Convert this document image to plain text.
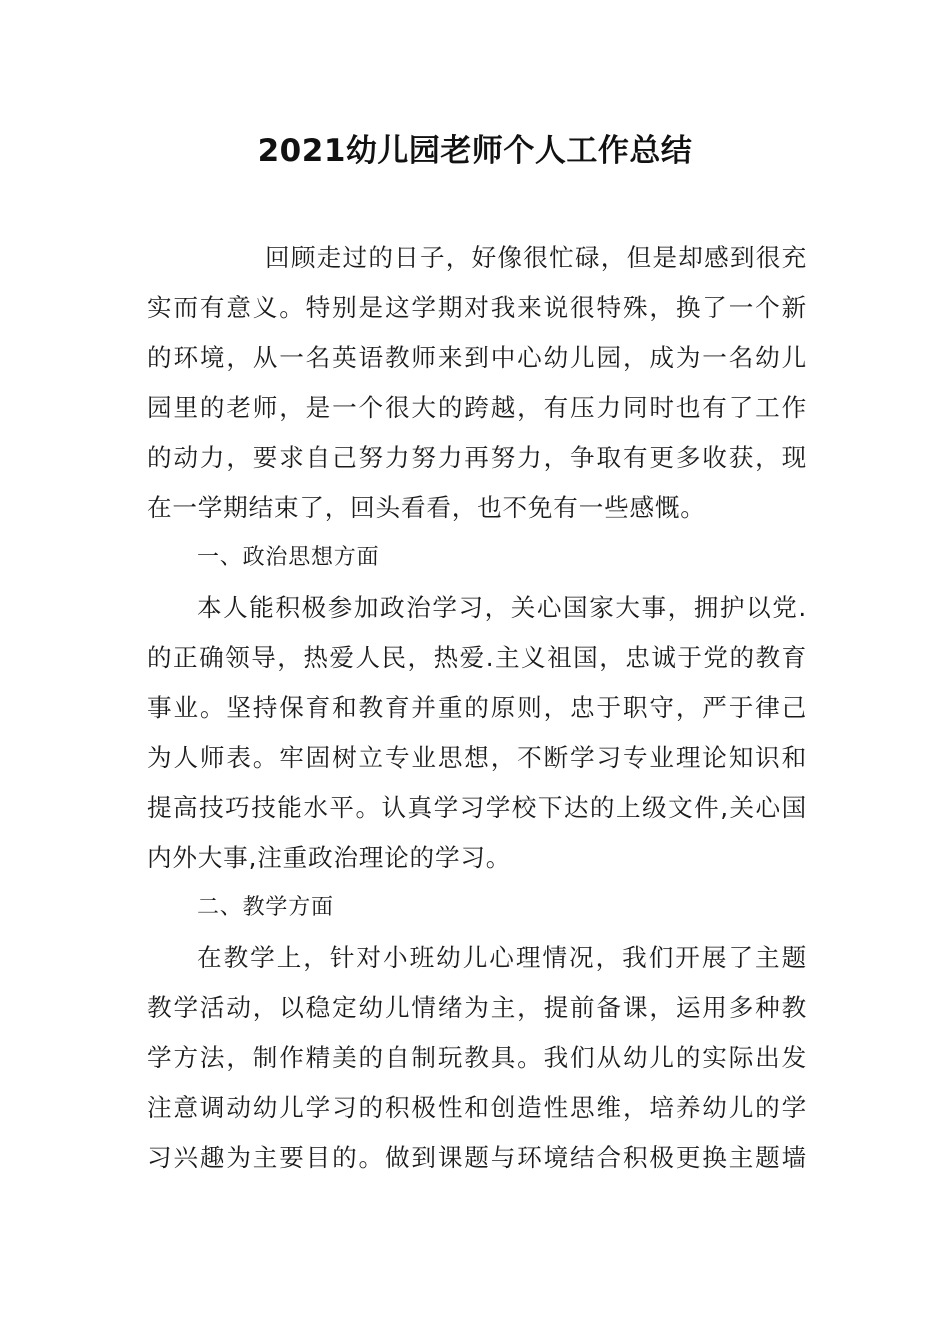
2021幼儿园老师个人工作总结
回顾走过的日子，好像很忙碌，但是却感到很充
实而有意义。特别是这学期对我来说很特殊，换了一个新
的环境，从一名英语教师来到中心幼儿园，成为一名幼儿
园里的老师，是一个很大的跨越，有压力同时也有了工作
的动力，要求自己努力努力再努力，争取有更多收获，现
在一学期结束了，回头看看，也不免有一些感慨。
一、政治思想方面
本人能积极参加政治学习，关心国家大事，拥护以党.
的正确领导，热爱人民，热爱.主义祖国，忠诚于党的教育
事业。坚持保育和教育并重的原则，忠于职守，严于律己
为人师表。牢固树立专业思想，不断学习专业理论知识和
提高技巧技能水平。认真学习学校下达的上级文件,关心国
内外大事,注重政治理论的学习。
二、教学方面
在教学上，针对小班幼儿心理情况，我们开展了主题
教学活动，以稳定幼儿情绪为主，提前备课，运用多种教
学方法，制作精美的自制玩教具。我们从幼儿的实际出发
注意调动幼儿学习的积极性和创造性思维，培养幼儿的学
习兴趣为主要目的。做到课题与环境结合积极更换主题墙
